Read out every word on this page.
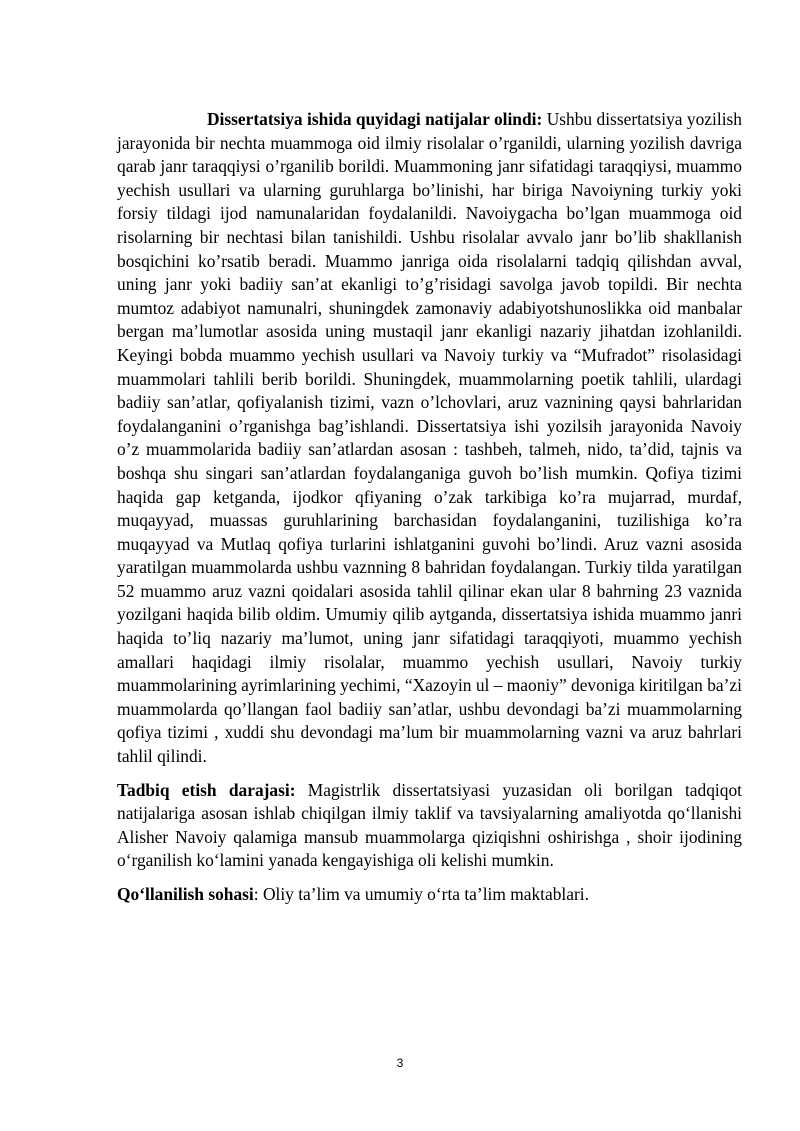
Dissertatsiya ishida quyidagi natijalar olindi: Ushbu dissertatsiya yozilish jarayonida bir nechta muammoga oid ilmiy risolalar o’rganildi, ularning yozilish davriga qarab janr taraqqiysi o’rganilib borildi. Muammoning janr sifatidagi taraqqiysi, muammo yechish usullari va ularning guruhlarga bo’linishi, har biriga Navoiyning turkiy yoki forsiy tildagi ijod namunalaridan foydalanildi. Navoiygacha bo’lgan muammoga oid risolarning bir nechtasi bilan tanishildi. Ushbu risolalar avvalo janr bo’lib shakllanish bosqichini ko’rsatib beradi. Muammo janriga oida risolalarni tadqiq qilishdan avval, uning janr yoki badiiy san’at ekanligi to’g’risidagi savolga javob topildi. Bir nechta mumtoz adabiyot namunalri, shuningdek zamonaviy adabiyotshunoslikka oid manbalar bergan ma’lumotlar asosida uning mustaqil janr ekanligi nazariy jihatdan izohlanildi. Keyingi bobda muammo yechish usullari va Navoiy turkiy va “Mufradot” risolasidagi muammolari tahlili berib borildi. Shuningdek, muammolarning poetik tahlili, ulardagi badiiy san’atlar, qofiyalanish tizimi, vazn o’lchovlari, aruz vaznining qaysi bahrlaridan foydalanganini o’rganishga bag’ishlandi. Dissertatsiya ishi yozilsih jarayonida Navoiy o’z muammolarida badiiy san’atlardan asosan : tashbeh, talmeh, nido, ta’did, tajnis va boshqa shu singari san’atlardan foydalanganiga guvoh bo’lish mumkin. Qofiya tizimi haqida gap ketganda, ijodkor qfiyaning o’zak tarkibiga ko’ra mujarrad, murdaf, muqayyad, muassas guruhlarining barchasidan foydalanganini, tuzilishiga ko’ra muqayyad va Mutlaq qofiya turlarini ishlatganini guvohi bo’lindi. Aruz vazni asosida yaratilgan muammolarda ushbu vaznning 8 bahridan foydalangan. Turkiy tilda yaratilgan 52 muammo aruz vazni qoidalari asosida tahlil qilinar ekan ular 8 bahrning 23 vaznida yozilgani haqida bilib oldim. Umumiy qilib aytganda, dissertatsiya ishida muammo janri haqida to’liq nazariy ma’lumot, uning janr sifatidagi taraqqiyoti, muammo yechish amallari haqidagi ilmiy risolalar, muammo yechish usullari, Navoiy turkiy muammolarining ayrimlarining yechimi, “Xazoyin ul – maoniy” devoniga kiritilgan ba’zi muammolarda qo’llangan faol badiiy san’atlar, ushbu devondagi ba’zi muammolarning qofiya tizimi , xuddi shu devondagi ma’lum bir muammolarning vazni va aruz bahrlari tahlil qilindi.

Tadbiq etish darajasi: Magistrlik dissertatsiyasi yuzasidan oli borilgan tadqiqot natijalariga asosan ishlab chiqilgan ilmiy taklif va tavsiyalarning amaliyotda qo‘llanishi Alisher Navoiy qalamiga mansub muammolarga qiziqishni oshirishga , shoir ijodining o‘rganilish ko‘lamini yanada kengayishiga oli kelishi mumkin.

Qo‘llanilish sohasi: Oliy ta’lim va umumiy o‘rta ta’lim maktablari.

3
